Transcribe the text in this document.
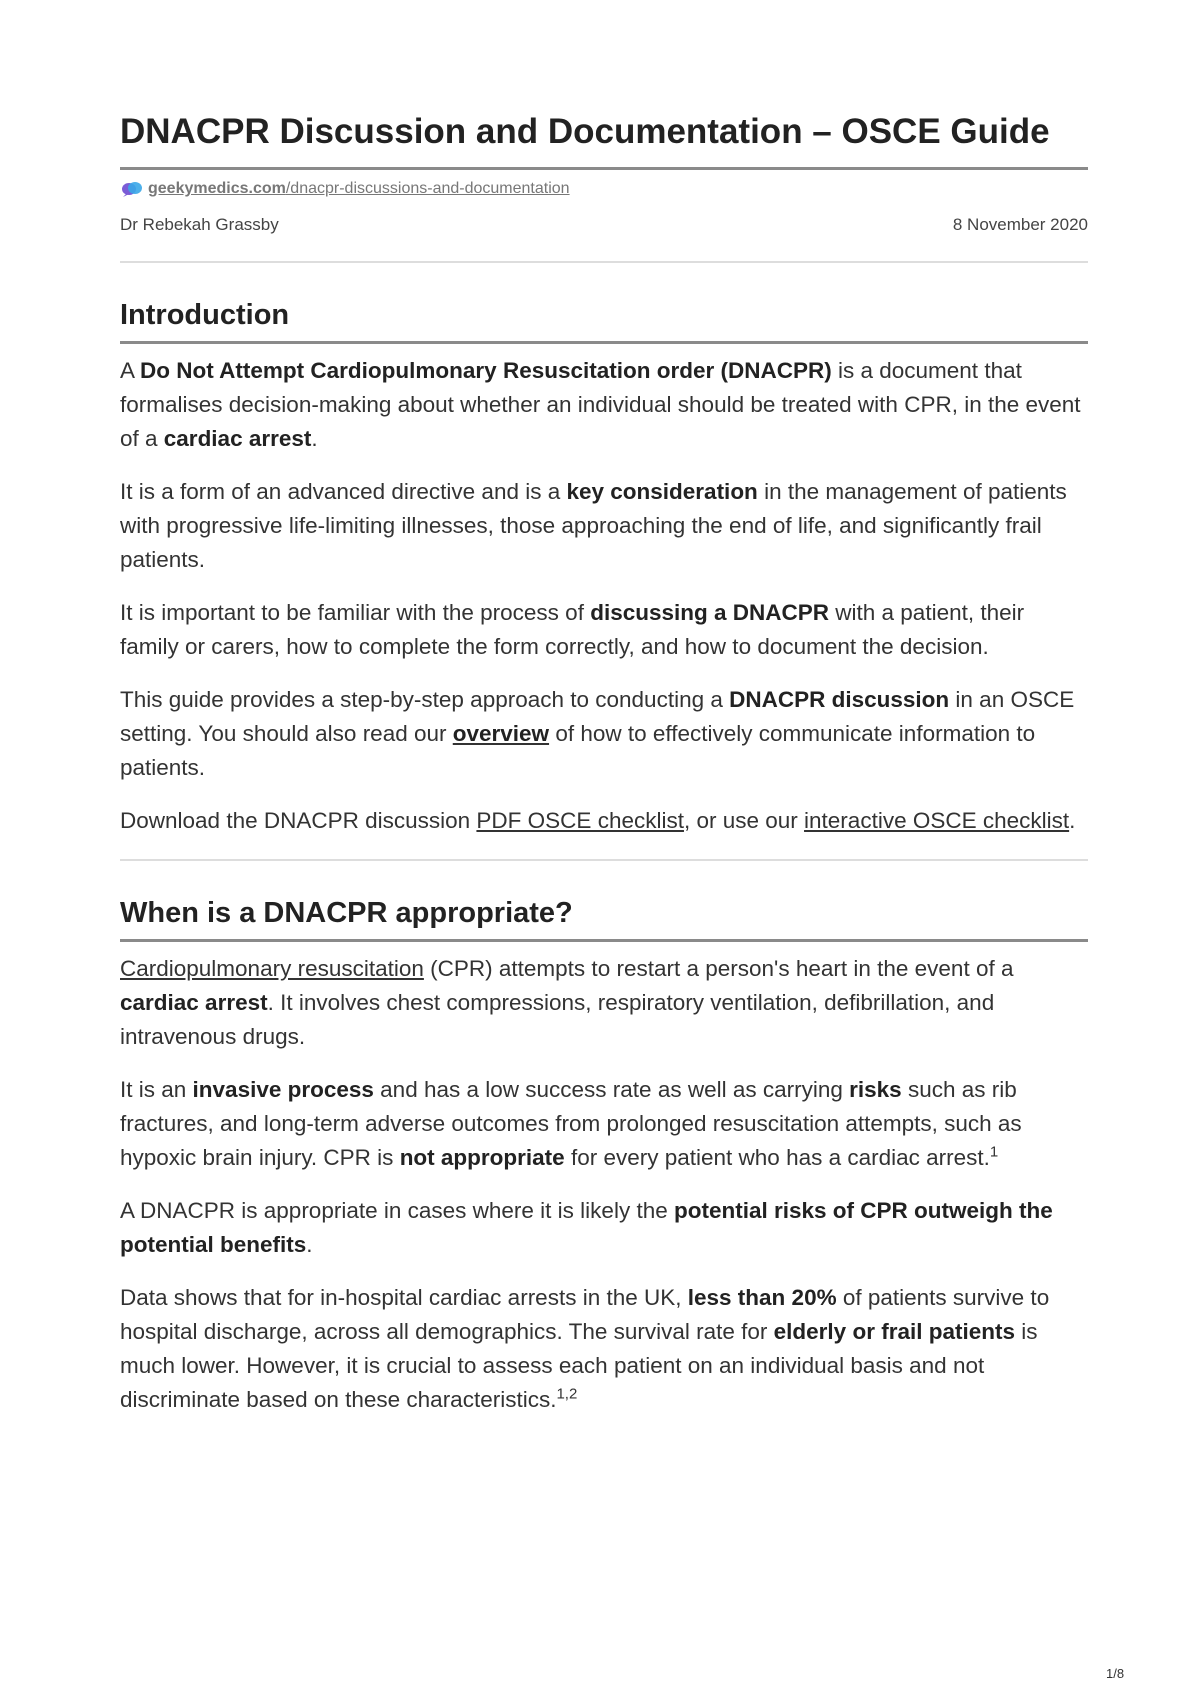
DNACPR Discussion and Documentation – OSCE Guide
geekymedics.com/dnacpr-discussions-and-documentation
Dr Rebekah Grassby	8 November 2020
Introduction

A Do Not Attempt Cardiopulmonary Resuscitation order (DNACPR) is a document that formalises decision-making about whether an individual should be treated with CPR, in the event of a cardiac arrest.

It is a form of an advanced directive and is a key consideration in the management of patients with progressive life-limiting illnesses, those approaching the end of life, and significantly frail patients.

It is important to be familiar with the process of discussing a DNACPR with a patient, their family or carers, how to complete the form correctly, and how to document the decision.

This guide provides a step-by-step approach to conducting a DNACPR discussion in an OSCE setting. You should also read our overview of how to effectively communicate information to patients.

Download the DNACPR discussion PDF OSCE checklist, or use our interactive OSCE checklist.

When is a DNACPR appropriate?

Cardiopulmonary resuscitation (CPR) attempts to restart a person's heart in the event of a cardiac arrest. It involves chest compressions, respiratory ventilation, defibrillation, and intravenous drugs.

It is an invasive process and has a low success rate as well as carrying risks such as rib fractures, and long-term adverse outcomes from prolonged resuscitation attempts, such as hypoxic brain injury. CPR is not appropriate for every patient who has a cardiac arrest.$^1$

A DNACPR is appropriate in cases where it is likely the potential risks of CPR outweigh the potential benefits.

Data shows that for in-hospital cardiac arrests in the UK, less than 20% of patients survive to hospital discharge, across all demographics. The survival rate for elderly or frail patients is much lower. However, it is crucial to assess each patient on an individual basis and not discriminate based on these characteristics.$^{1,2}$

1/8
